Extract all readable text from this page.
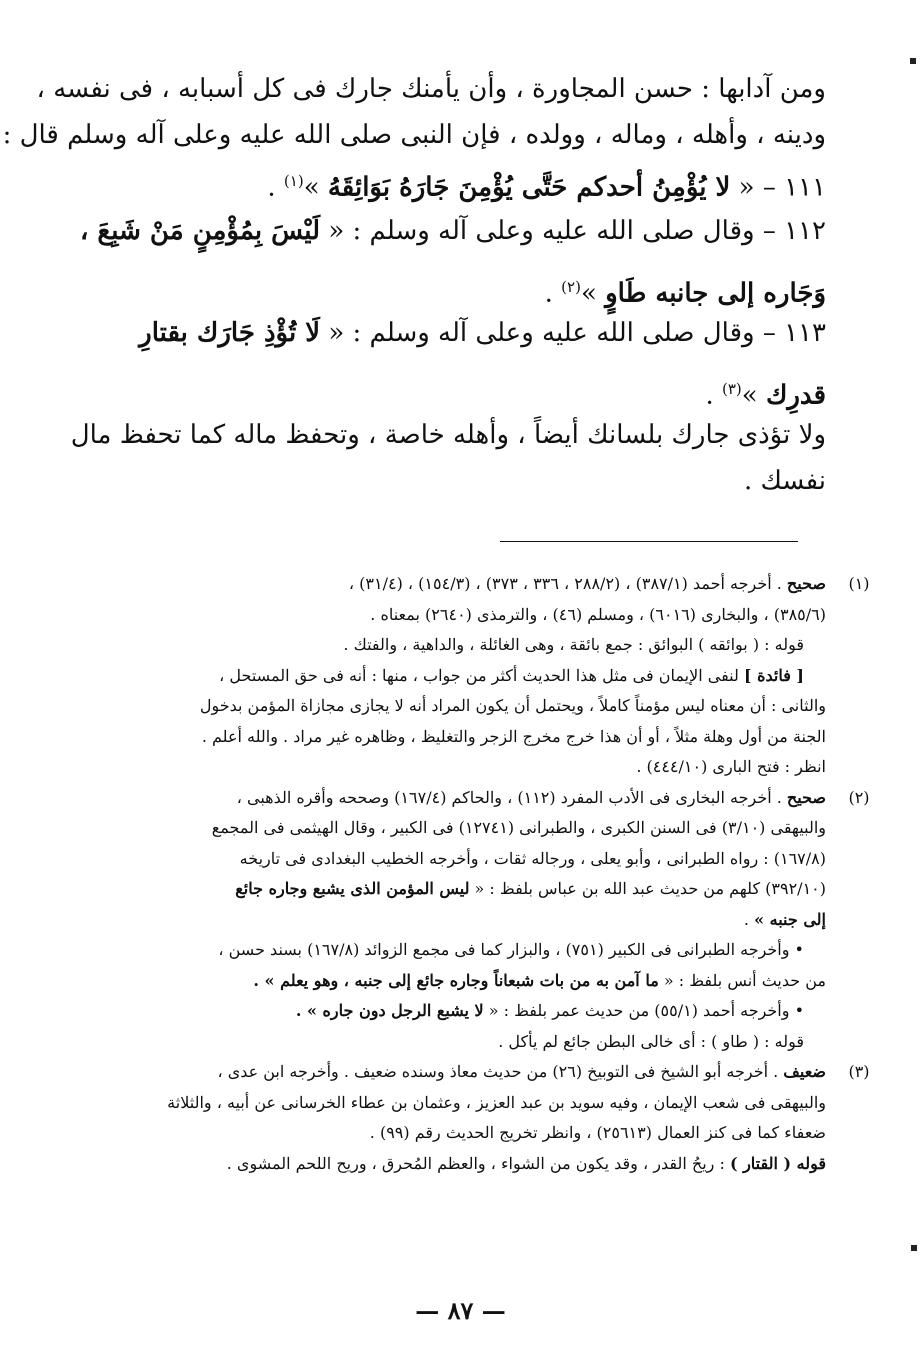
ومن آدابها : حسن المجاورة ، وأن يأمنك جارك فى كل أسبابه ، فى نفسه ،
ودينه ، وأهله ، وماله ، وولده ، فإن النبى صلى الله عليه وعلى آله وسلم قال :
١١١ – « لا يُؤْمِنُ أحدكم حَتَّى يُؤْمِنَ جَارَهُ بَوَائِقَهُ »$^{(١)}$ .
١١٢ – وقال صلى الله عليه وعلى آله وسلم : « لَيْسَ بِمُؤْمِنٍ مَنْ شَبِعَ ،
وَجَاره إلى جانبه طَاوٍ »$^{(٢)}$ .
١١٣ – وقال صلى الله عليه وعلى آله وسلم : « لَا تُؤْذِ جَارَك بقتارِ
قدرِك »$^{(٣)}$ .
ولا تؤذى جارك بلسانك أيضاً ، وأهله خاصة ، وتحفظ ماله كما تحفظ مال
نفسك .
(١)
صحيح . أخرجه أحمد (٣٨٧/١) ، (٢٨٨/٢ ، ٣٣٦ ، ٣٧٣) ، (١٥٤/٣) ، (٣١/٤) ،
(٣٨٥/٦) ، والبخارى (٦٠١٦) ، ومسلم (٤٦) ، والترمذى (٢٦٤٠) بمعناه .
قوله : ( بوائقه ) البوائق : جمع بائقة ، وهى الغائلة ، والداهية ، والفتك .
[ فائدة ] لنفى الإيمان فى مثل هذا الحديث أكثر من جواب ، منها : أنه فى حق المستحل ،
والثانى : أن معناه ليس مؤمناً كاملاً ، ويحتمل أن يكون المراد أنه لا يجازى مجازاة المؤمن بدخول
الجنة من أول وهلة مثلاً ، أو أن هذا خرج مخرج الزجر والتغليظ ، وظاهره غير مراد . والله أعلم .
انظر : فتح البارى (٤٤٤/١٠) .
(٢)
صحيح . أخرجه البخارى فى الأدب المفرد (١١٢) ، والحاكم (١٦٧/٤) وصححه وأقره الذهبى ،
والبيهقى (٣/١٠) فى السنن الكبرى ، والطبرانى (١٢٧٤١) فى الكبير ، وقال الهيثمى فى المجمع
(١٦٧/٨) : رواه الطبرانى ، وأبو يعلى ، ورجاله ثقات ، وأخرجه الخطيب البغدادى فى تاريخه
(٣٩٢/١٠) كلهم من حديث عبد الله بن عباس بلفظ : « ليس المؤمن الذى يشبع وجاره جائع
إلى جنبه » .
• وأخرجه الطبرانى فى الكبير (٧٥١) ، والبزار كما فى مجمع الزوائد (١٦٧/٨) بسند حسن ،
من حديث أنس بلفظ : « ما آمن به من بات شبعاناً وجاره جائع إلى جنبه ، وهو يعلم » .
• وأخرجه أحمد (٥٥/١) من حديث عمر بلفظ : « لا يشبع الرجل دون جاره » .
قوله : ( طاو ) : أى خالى البطن جائع لم يأكل .
(٣)
ضعيف . أخرجه أبو الشيخ فى التوبيخ (٢٦) من حديث معاذ وسنده ضعيف . وأخرجه ابن عدى ،
والبيهقى فى شعب الإيمان ، وفيه سويد بن عبد العزيز ، وعثمان بن عطاء الخرسانى عن أبيه ، والثلاثة
ضعفاء كما فى كنز العمال (٢٥٦١٣) ، وانظر تخريج الحديث رقم (٩٩) .
قوله ( القتار ) : ريحُ القدر ، وقد يكون من الشواء ، والعظم المُحرق ، وريح اللحم المشوى .
— ٨٧ —
